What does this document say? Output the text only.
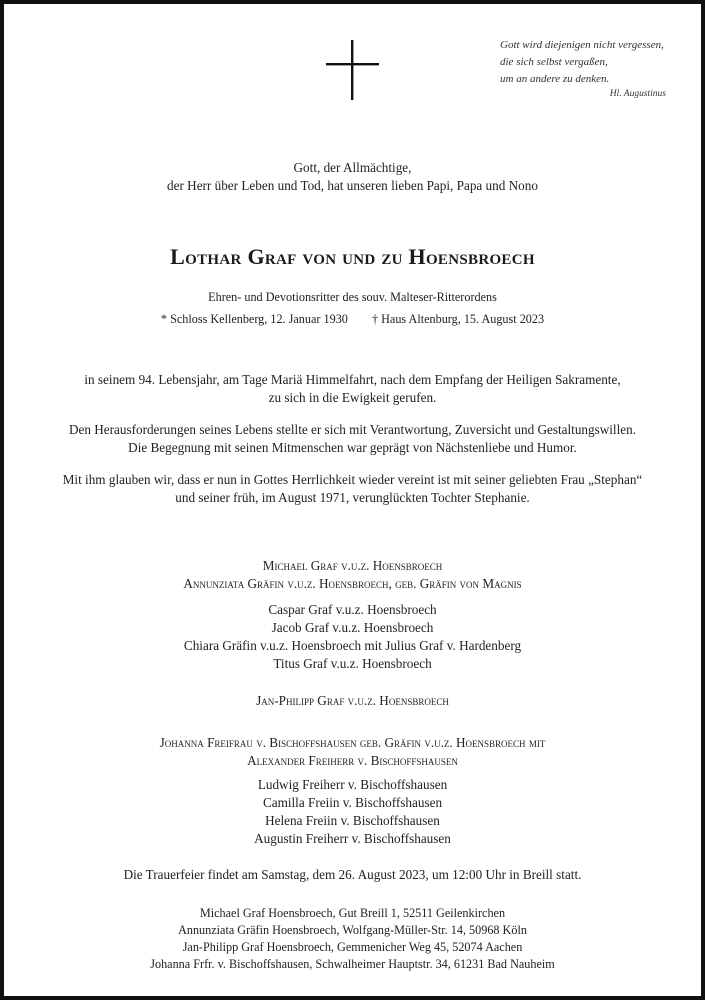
Gott wird diejenigen nicht vergessen,
die sich selbst vergaßen,
um an andere zu denken.
Hl. Augustinus
Gott, der Allmächtige,
der Herr über Leben und Tod, hat unseren lieben Papi, Papa und Nono
Lothar Graf von und zu Hoensbroech
Ehren- und Devotionsritter des souv. Malteser-Ritterordens
* Schloss Kellenberg, 12. Januar 1930 † Haus Altenburg, 15. August 2023
in seinem 94. Lebensjahr, am Tage Mariä Himmelfahrt, nach dem Empfang der Heiligen Sakramente,
zu sich in die Ewigkeit gerufen.
Den Herausforderungen seines Lebens stellte er sich mit Verantwortung, Zuversicht und Gestaltungswillen.
Die Begegnung mit seinen Mitmenschen war geprägt von Nächstenliebe und Humor.
Mit ihm glauben wir, dass er nun in Gottes Herrlichkeit wieder vereint ist mit seiner geliebten Frau „Stephan“
und seiner früh, im August 1971, verunglückten Tochter Stephanie.
Michael Graf v.u.z. Hoensbroech
Annunziata Gräfin v.u.z. Hoensbroech, geb. Gräfin von Magnis
Caspar Graf v.u.z. Hoensbroech
Jacob Graf v.u.z. Hoensbroech
Chiara Gräfin v.u.z. Hoensbroech mit Julius Graf v. Hardenberg
Titus Graf v.u.z. Hoensbroech
Jan-Philipp Graf v.u.z. Hoensbroech
Johanna Freifrau v. Bischoffshausen geb. Gräfin v.u.z. Hoensbroech mit
Alexander Freiherr v. Bischoffshausen
Ludwig Freiherr v. Bischoffshausen
Camilla Freiin v. Bischoffshausen
Helena Freiin v. Bischoffshausen
Augustin Freiherr v. Bischoffshausen
Die Trauerfeier findet am Samstag, dem 26. August 2023, um 12:00 Uhr in Breill statt.
Michael Graf Hoensbroech, Gut Breill 1, 52511 Geilenkirchen
Annunziata Gräfin Hoensbroech, Wolfgang-Müller-Str. 14, 50968 Köln
Jan-Philipp Graf Hoensbroech, Gemmenicher Weg 45, 52074 Aachen
Johanna Frfr. v. Bischoffshausen, Schwalheimer Hauptstr. 34, 61231 Bad Nauheim
